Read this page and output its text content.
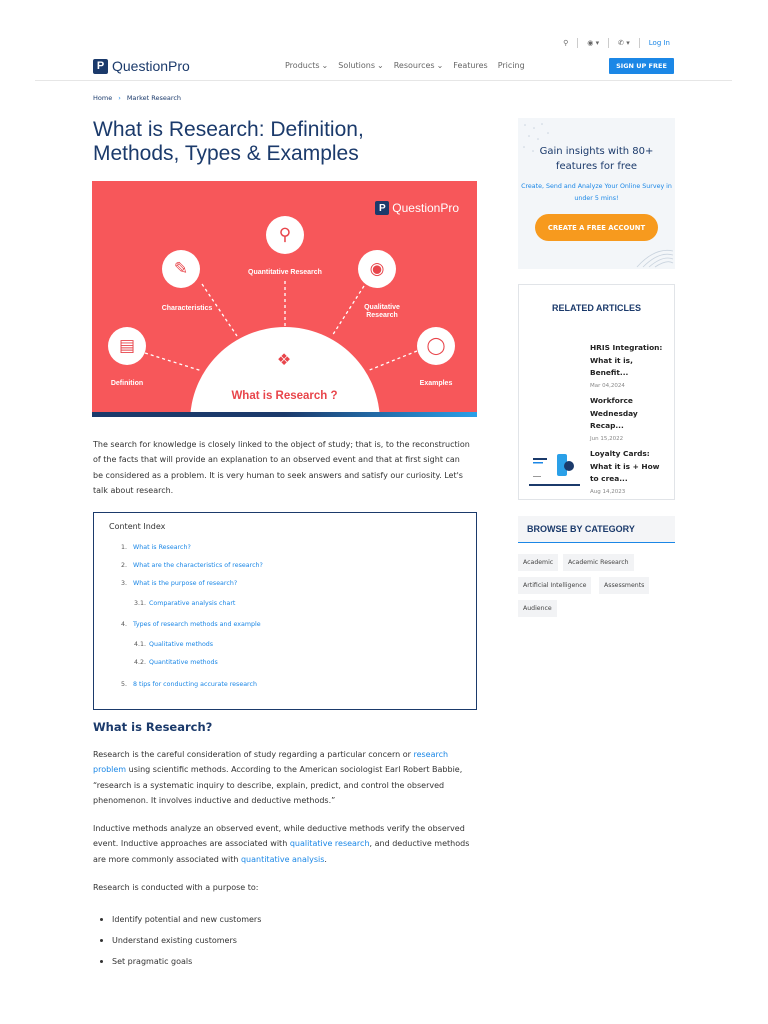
⚲	◉ ▾	✆ ▾	Log In
P QuestionPro	Products ⌄ Solutions ⌄ Resources ⌄ Features Pricing	SIGN UP FREE
Home › Market Research
What is Research: Definition, Methods, Types & Examples
P QuestionPro
▤
Definition
✎
Characteristics
⚲
Quantitative Research	◉
Qualitative Research
◯
Examples
❖
What is Research ?

The search for knowledge is closely linked to the object of study; that is, to the reconstruction of the facts that will provide an explanation to an observed event and that at first sight can be considered as a problem. It is very human to seek answers and satisfy our curiosity. Let's talk about research.

Content Index
1. What is Research?
2. What are the characteristics of research?
3. What is the purpose of research?
3.1. Comparative analysis chart
4. Types of research methods and example
4.1. Qualitative methods
4.2. Quantitative methods
5. 8 tips for conducting accurate research
What is Research?

Research is the careful consideration of study regarding a particular concern or research problem using scientific methods. According to the American sociologist Earl Robert Babbie, “research is a systematic inquiry to describe, explain, predict, and control the observed phenomenon. It involves inductive and deductive methods.”

Inductive methods analyze an observed event, while deductive methods verify the observed event. Inductive approaches are associated with qualitative research, and deductive methods are more commonly associated with quantitative analysis.

Research is conducted with a purpose to:

Identify potential and new customers
Understand existing customers
Set pragmatic goals
Gain insights with 80+ features for free
Create, Send and Analyze Your Online Survey in under 5 mins!
CREATE A FREE ACCOUNT
RELATED ARTICLES
HRIS Integration: What it is, Benefit...
Mar 04,2024
Workforce Wednesday Recap...
Jun 15,2022
Loyalty Cards: What it is + How to crea...
Aug 14,2023
BROWSE BY CATEGORY
Academic	Academic Research
Artificial Intelligence	Assessments
Audience
